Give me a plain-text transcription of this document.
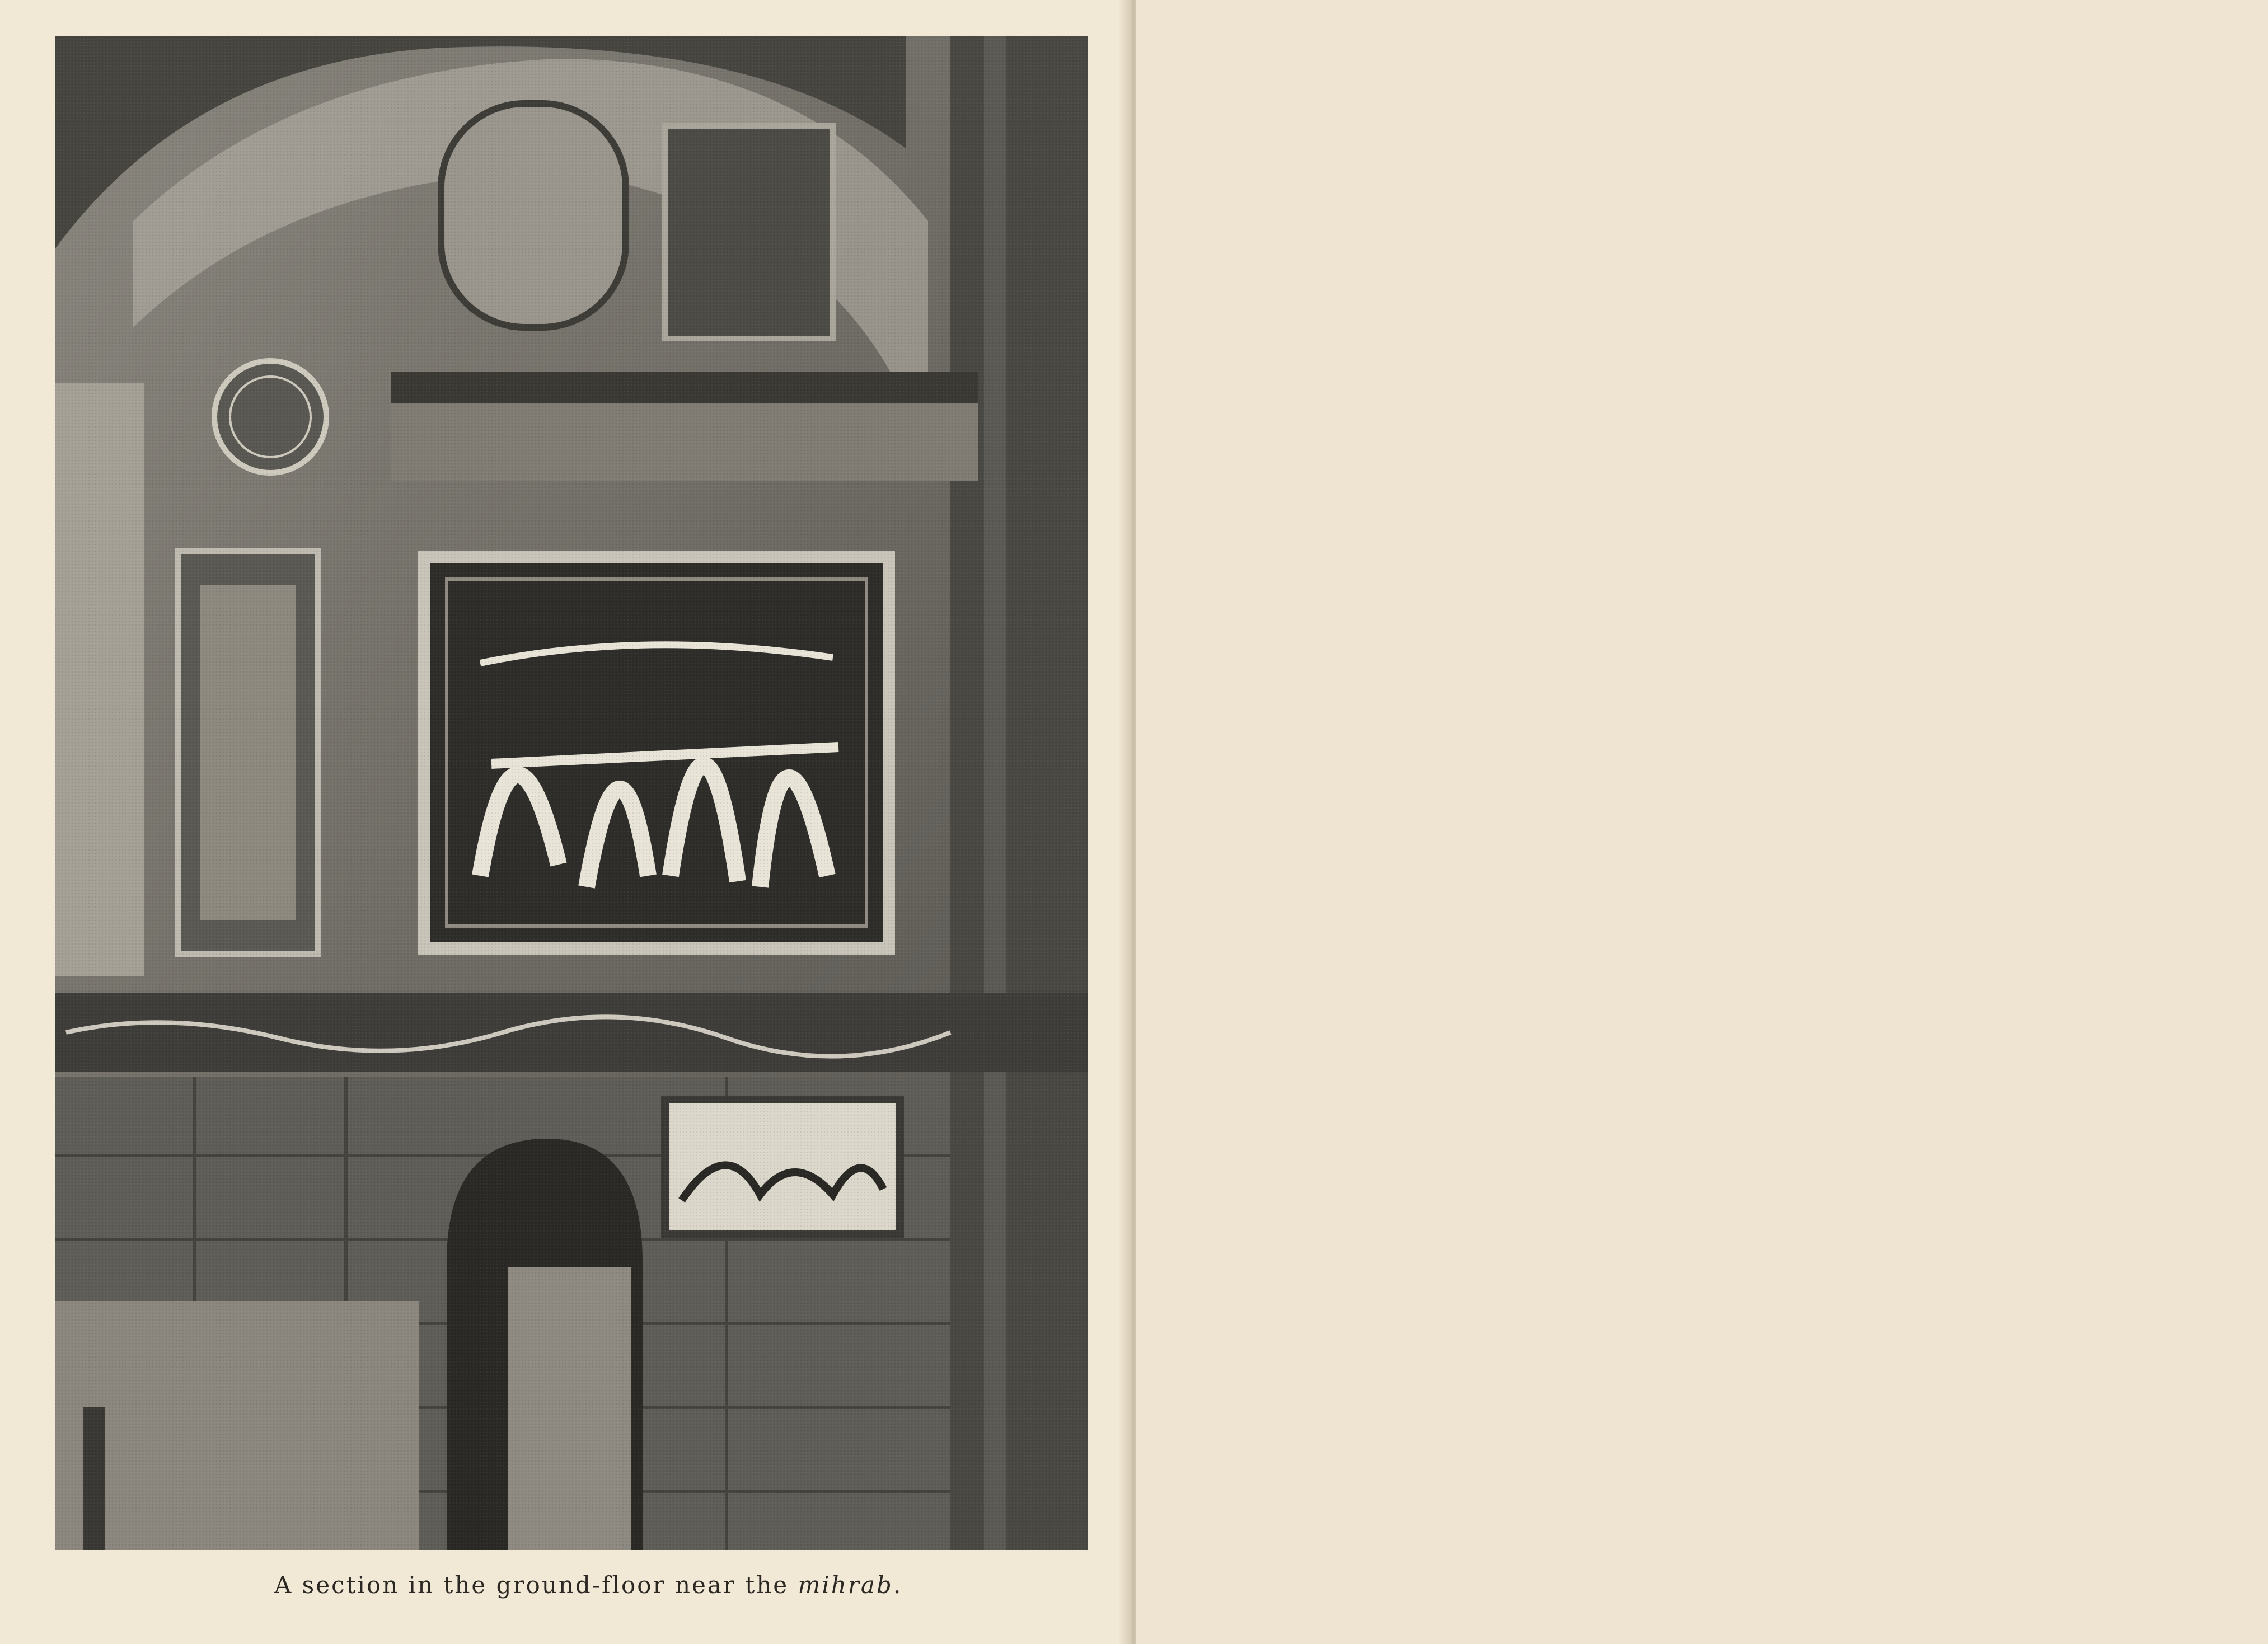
A section in the ground-floor near the mihrab.
